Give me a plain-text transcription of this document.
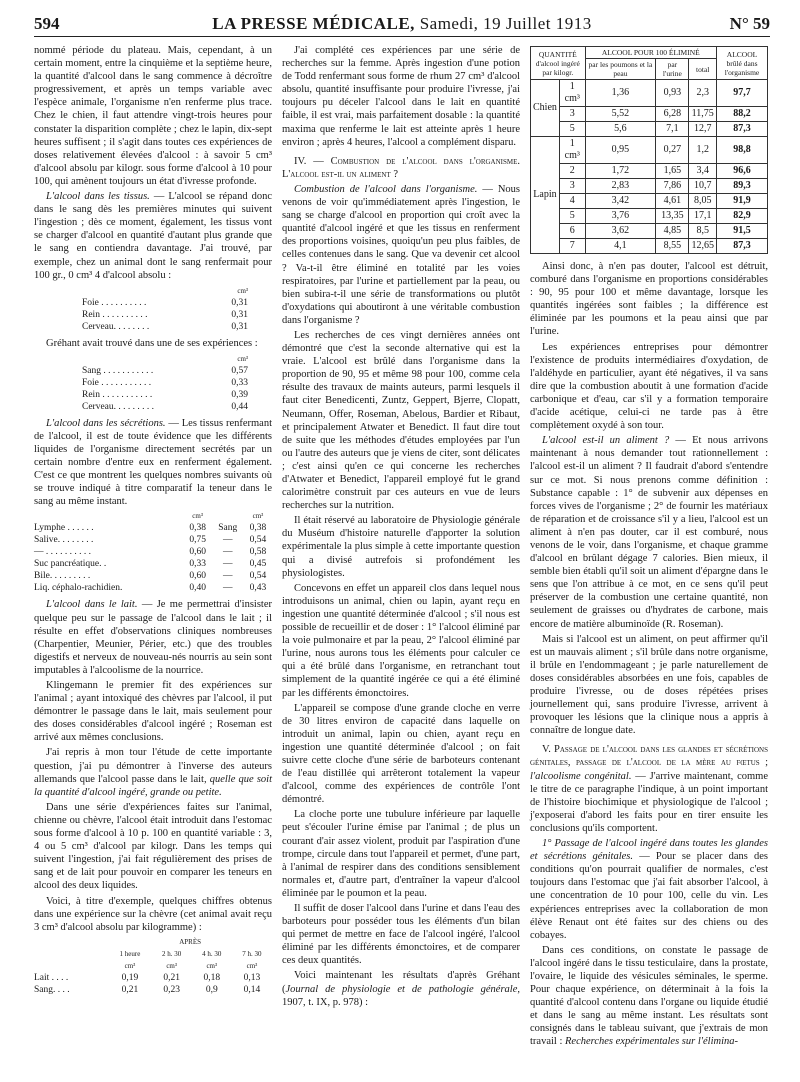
594	LA PRESSE MÉDICALE, Samedi, 19 Juillet 1913	N° 59

nommé période du plateau. Mais, cependant, à un certain moment, entre la cinquième et la septième heure, la quantité d'alcool dans le sang commence à décroître progressivement, et après un temps variable avec l'espèce animale, l'organisme n'en renferme plus trace. Chez le chien, il faut attendre vingt-trois heures pour constater la disparition complète ; chez le lapin, dix-sept heures suffisent ; il s'agit dans toutes ces expériences de doses relativement élevées d'alcool : à savoir 5 cm³ d'alcool absolu par kilogr. sous forme d'alcool à 10 pour 100, qui amènent toujours un état d'ivresse profonde.

L'alcool dans les tissus. — L'alcool se répand donc dans le sang dès les premières minutes qui suivent l'ingestion ; dès ce moment, également, les tissus vont se charger d'alcool en quantité d'autant plus grande que le sang en contiendra davantage. J'ai trouvé, par exemple, chez un animal dont le sang renfermait pour 100 gr., 0 cm³ 4 d'alcool absolu :

	cm³
Foie . . . . . . . . . .	0,31
Rein . . . . . . . . . .	0,31
Cerveau. . . . . . . .	0,31

Gréhant avait trouvé dans une de ses expériences :

	cm³
Sang . . . . . . . . . . .	0,57
Foie . . . . . . . . . . .	0,33
Rein . . . . . . . . . . .	0,39
Cerveau. . . . . . . . .	0,44

L'alcool dans les sécrétions. — Les tissus renfermant de l'alcool, il est de toute évidence que les différents liquides de l'organisme directement secrétés par un certain nombre d'entre eux en renferment également. C'est ce que montrent les quelques nombres suivants où se trouve indiqué à titre comparatif la teneur dans le sang au même instant.

	cm³		cm³
Lymphe . . . . . .	0,38	Sang	0,38
Salive. . . . . . . .	0,75	—	0,54
— . . . . . . . . . .	0,60	—	0,58
Suc pancréatique. .	0,33	—	0,45
Bile. . . . . . . . .	0,60	—	0,54
Liq. céphalo-rachidien.	0,40	—	0,43

L'alcool dans le lait. — Je me permettrai d'insister quelque peu sur le passage de l'alcool dans le lait ; il résulte en effet d'observations cliniques nombreuses (Charpentier, Meunier, Périer, etc.) que des troubles digestifs et nerveux de nouveau-nés nourris au sein sont imputables à l'alcoolisme de la nourrice.

Klingemann le premier fit des expériences sur l'animal ; ayant intoxiqué des chèvres par l'alcool, il put démontrer le passage dans le lait, mais seulement pour des doses considérables d'alcool ingéré ; Roseman est arrivé aux mêmes conclusions.

J'ai repris à mon tour l'étude de cette importante question, j'ai pu démontrer à l'inverse des auteurs allemands que l'alcool passe dans le lait, quelle que soit la quantité d'alcool ingéré, grande ou petite.

Dans une série d'expériences faites sur l'animal, chienne ou chèvre, l'alcool était introduit dans l'estomac sous forme d'alcool à 10 p. 100 en quantité variable : 3, 4 ou 5 cm³ d'alcool par kilogr. Dans les temps qui suivent l'ingestion, j'ai fait régulièrement des prises de sang et de lait pour pouvoir en comparer les teneurs en alcool des deux liquides.

Voici, à titre d'exemple, quelques chiffres obtenus dans une expérience sur la chèvre (cet animal avait reçu 3 cm³ d'alcool absolu par kilogramme) :

	APRÈS			
	1 heure	2 h. 30	4 h. 30	7 h. 30
	cm³	cm³	cm³	cm³
Lait . . . .	0,19	0,21	0,18	0,13
Sang. . . .	0,21	0,23	0,9	0,14

J'ai complété ces expériences par une série de recherches sur la femme. Après ingestion d'une potion de Todd renfermant sous forme de rhum 27 cm³ d'alcool absolu, quantité insuffisante pour produire l'ivresse, j'ai toujours pu déceler l'alcool dans le lait en quantité faible, il est vrai, mais parfaitement dosable : la quantité maxima que renferme le lait est atteinte après 1 heure environ ; après 4 heures, l'alcool a complément disparu.

IV. — Combustion de l'alcool dans l'organisme. L'alcool est-il un aliment ?

Combustion de l'alcool dans l'organisme. — Nous venons de voir qu'immédiatement après l'ingestion, le sang se charge d'alcool en proportion qui croît avec la quantité d'alcool ingéré et que les tissus en renferment des proportions voisines, quoiqu'un peu plus faibles, de celles contenues dans le sang. Que va devenir cet alcool ? Va-t-il être éliminé en totalité par les voies respiratoires, par l'urine et partiellement par la peau, ou bien subira-t-il une série de transformations ou plutôt d'oxydations qui aboutiront à une véritable combustion dans l'organisme ?

Les recherches de ces vingt dernières années ont démontré que c'est la seconde alternative qui est la vraie. L'alcool est brûlé dans l'organisme dans la proportion de 90, 95 et même 98 pour 100, comme cela résulte des travaux de maints auteurs, parmi lesquels il faut citer Benedicenti, Zuntz, Geppert, Bjerre, Clopatt, Neumann, Offer, Roseman, Abelous, Bardier et Ribaut, et principalement Atwater et Benedict. Il faut dire tout de suite que les méthodes d'études employées par l'un ou l'autre des auteurs que je viens de citer, sont délicates ; c'est ainsi qu'en ce qui concerne les recherches d'Atwater et Benedict, l'appareil employé fut le grand calorimètre construit par ces auteurs en vue de leurs recherches sur la nutrition.

Il était réservé au laboratoire de Physiologie générale du Muséum d'histoire naturelle d'apporter la solution expérimentale la plus simple à cette importante question qui a divisé autrefois si profondément les physiologistes.

Concevons en effet un appareil clos dans lequel nous introduisons un animal, chien ou lapin, ayant reçu en ingestion une quantité déterminée d'alcool ; s'il nous est possible de recueillir et de doser : 1° l'alcool éliminé par la voie pulmonaire et par la peau, 2° l'alcool éliminé par l'urine, nous aurons tous les éléments pour calculer ce qui a été brûlé dans l'organisme, en retranchant tout simplement de la quantité ingérée ce qui a été éliminé par les différents émonctoires.

L'appareil se compose d'une grande cloche en verre de 30 litres environ de capacité dans laquelle on introduit un animal, lapin ou chien, ayant reçu en ingestion une quantité déterminée d'alcool ; on fait suivre cette cloche d'une série de barboteurs contenant de l'eau distillée qui arrêteront totalement la vapeur d'alcool, comme des expériences de contrôle l'ont démontré.

La cloche porte une tubulure inférieure par laquelle peut s'écouler l'urine émise par l'animal ; de plus un courant d'air assez violent, produit par l'aspiration d'une trompe, circule dans tout l'appareil et permet, d'une part, à l'animal de respirer dans des conditions sensiblement normales et, d'autre part, d'entraîner la vapeur d'alcool éliminée par le poumon et la peau.

Il suffit de doser l'alcool dans l'urine et dans l'eau des barboteurs pour posséder tous les éléments d'un bilan qui permet de mettre en face de l'alcool ingéré, l'alcool éliminé par les différents émonctoires, et de comparer ces deux quantités.

Voici maintenant les résultats d'après Gréhant (Journal de physiologie et de pathologie générale, 1907, t. IX, p. 978) :

QUANTITÉ d'alcool ingéré par kilogr.		ALCOOL POUR 100 ÉLIMINÉ			ALCOOL brûlé dans l'organisme
		par les poumons et la peau	par l'urine	total	
Chien	1 cm³	1,36	0,93	2,3	97,7
	3	5,52	6,28	11,75	88,2
	5	5,6	7,1	12,7	87,3
Lapin	1 cm³	0,95	0,27	1,2	98,8
	2	1,72	1,65	3,4	96,6
	3	2,83	7,86	10,7	89,3
	4	3,42	4,61	8,05	91,9
	5	3,76	13,35	17,1	82,9
	6	3,62	4,85	8,5	91,5
	7	4,1	8,55	12,65	87,3

Ainsi donc, à n'en pas douter, l'alcool est détruit, comburé dans l'organisme en proportions considérables : 90, 95 pour 100 et même davantage, lorsque les quantités ingérées sont faibles ; la différence est éliminée par les poumons et la peau ainsi que par l'urine.

Les expériences entreprises pour démontrer l'existence de produits intermédiaires d'oxydation, de l'aldéhyde en particulier, ayant été négatives, il va sans dire que la combustion aboutit à une formation d'acide carbonique et d'eau, car s'il y a formation temporaire d'acide acétique, celui-ci ne tarde pas à être complètement oxydé à son tour.

L'alcool est-il un aliment ? — Et nous arrivons maintenant à nous demander tout rationnellement : l'alcool est-il un aliment ? Il faudrait d'abord s'entendre sur ce mot. Si nous prenons comme définition : Substance capable : 1° de subvenir aux dépenses en forces vives de l'organisme ; 2° de fournir les matériaux de réparation et de croissance s'il y a lieu, l'alcool est un aliment à n'en pas douter, car il est comburé, nous venons de le voir, dans l'organisme, et chaque gramme d'alcool en brûlant dégage 7 calories. Bien mieux, il semble bien établi qu'il soit un aliment d'épargne dans le sens que l'on attribue à ce mot, en ce sens qu'il peut préserver de la combustion une certaine quantité, non seulement de graisses ou d'hydrates de carbone, mais encore de matière albuminoïde (R. Roseman).

Mais si l'alcool est un aliment, on peut affirmer qu'il est un mauvais aliment ; s'il brûle dans notre organisme, il brûle en l'endommageant ; je parle naturellement de doses considérables absorbées en une fois, capables de produire l'ivresse, ou de doses répétées prises journellement qui, sans produire l'ivresse, arrivent à provoquer les lésions que la clinique nous a appris à connaître de longue date.

V. Passage de l'alcool dans les glandes et sécrétions génitales, passage de l'alcool de la mère au fœtus ; l'alcoolisme congénital. — J'arrive maintenant, comme le titre de ce paragraphe l'indique, à un point important de l'histoire biochimique et physiologique de l'alcool ; j'exposerai d'abord les faits pour en tirer ensuite les conclusions qu'ils comportent.

1° Passage de l'alcool ingéré dans toutes les glandes et sécrétions génitales. — Pour se placer dans des conditions qu'on pourrait qualifier de normales, c'est toujours dans l'estomac que j'ai fait absorber l'alcool, à une concentration de 10 pour 100, celle du vin. Les expériences entreprises avec la collaboration de mon élève Renaut ont été faites sur des chiens ou des cobayes.

Dans ces conditions, on constate le passage de l'alcool ingéré dans le tissu testiculaire, dans la prostate, l'ovaire, le liquide des vésicules séminales, le sperme. Pour chaque expérience, on déterminait à la fois la quantité d'alcool contenu dans l'organe ou liquide étudié et dans le sang au même instant. Les résultats sont consignés dans le tableau suivant, que j'extrais de mon travail : Recherches expérimentales sur l'élimina-
